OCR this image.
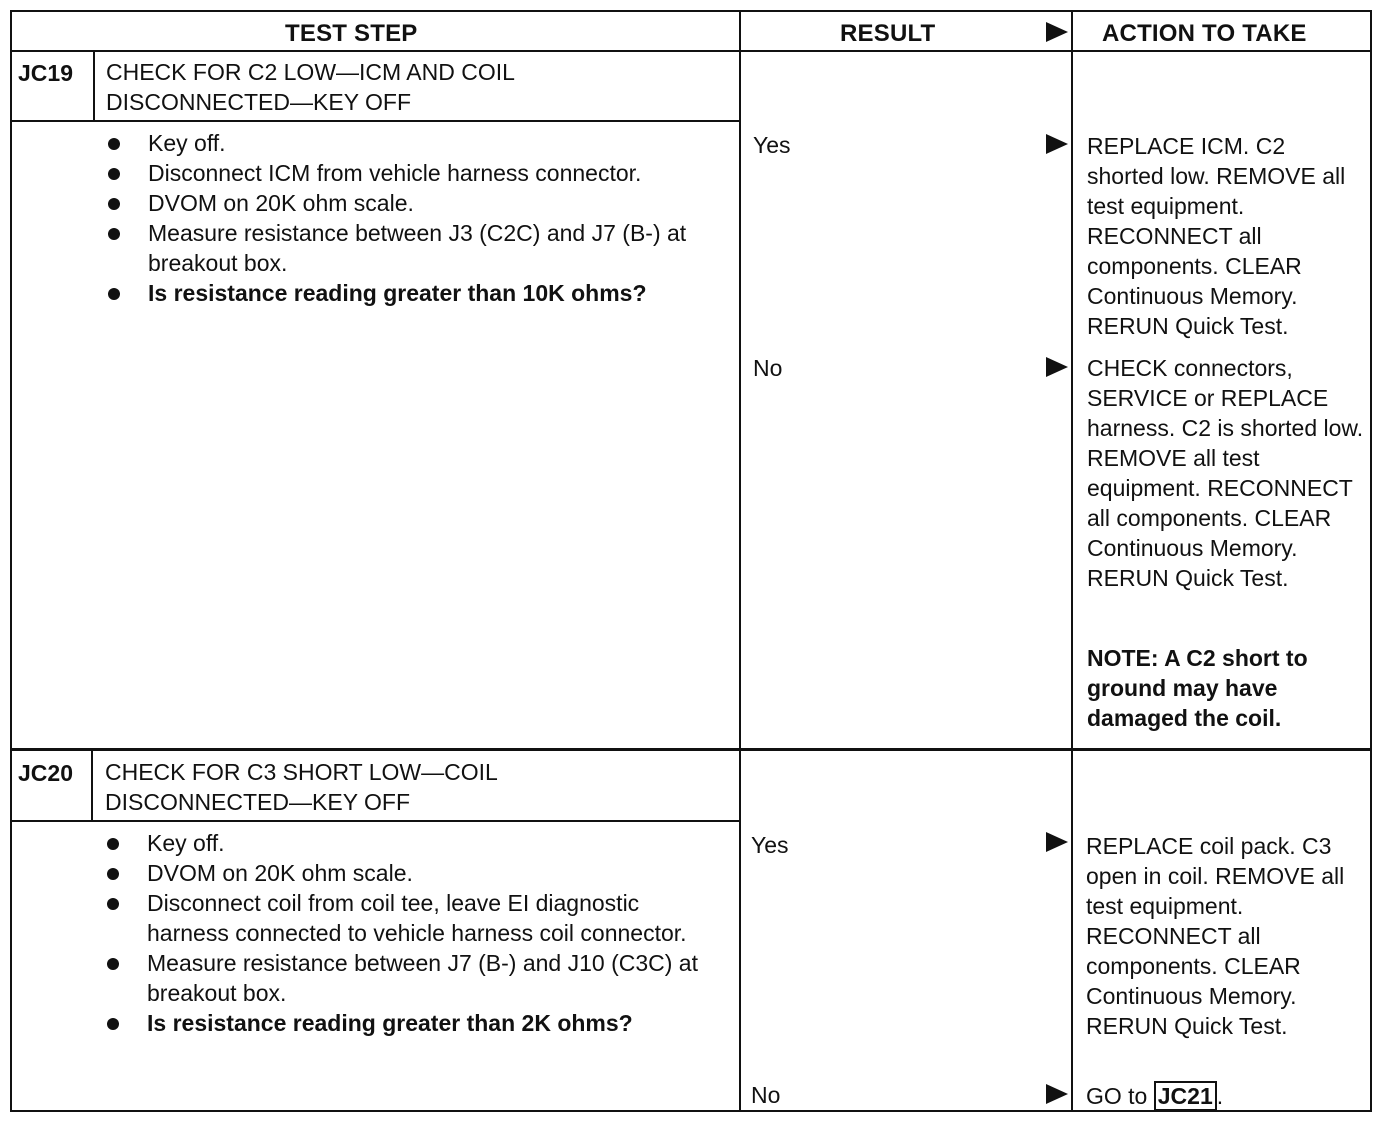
TEST STEP	RESULT	ACTION TO TAKE
JC19 CHECK FOR C2 LOW—ICM AND COIL
DISCONNECTED—KEY OFF
Key off.
Disconnect ICM from vehicle harness connector.
DVOM on 20K ohm scale.
Measure resistance between J3 (C2C) and J7 (B-) at breakout box.
Is resistance reading greater than 10K ohms?
Yes	REPLACE ICM. C2 shorted low. REMOVE all test equipment. RECONNECT all components. CLEAR Continuous Memory. RERUN Quick Test.
No	CHECK connectors, SERVICE or REPLACE harness. C2 is shorted low. REMOVE all test equipment. RECONNECT all components. CLEAR Continuous Memory. RERUN Quick Test.
NOTE: A C2 short to ground may have damaged the coil.
JC20 CHECK FOR C3 SHORT LOW—COIL
DISCONNECTED—KEY OFF
Key off.
DVOM on 20K ohm scale.
Disconnect coil from coil tee, leave EI diagnostic harness connected to vehicle harness coil connector.
Measure resistance between J7 (B-) and J10 (C3C) at breakout box.
Is resistance reading greater than 2K ohms?
Yes	REPLACE coil pack. C3 open in coil. REMOVE all test equipment. RECONNECT all components. CLEAR Continuous Memory. RERUN Quick Test.
No	GO to JC21 .
